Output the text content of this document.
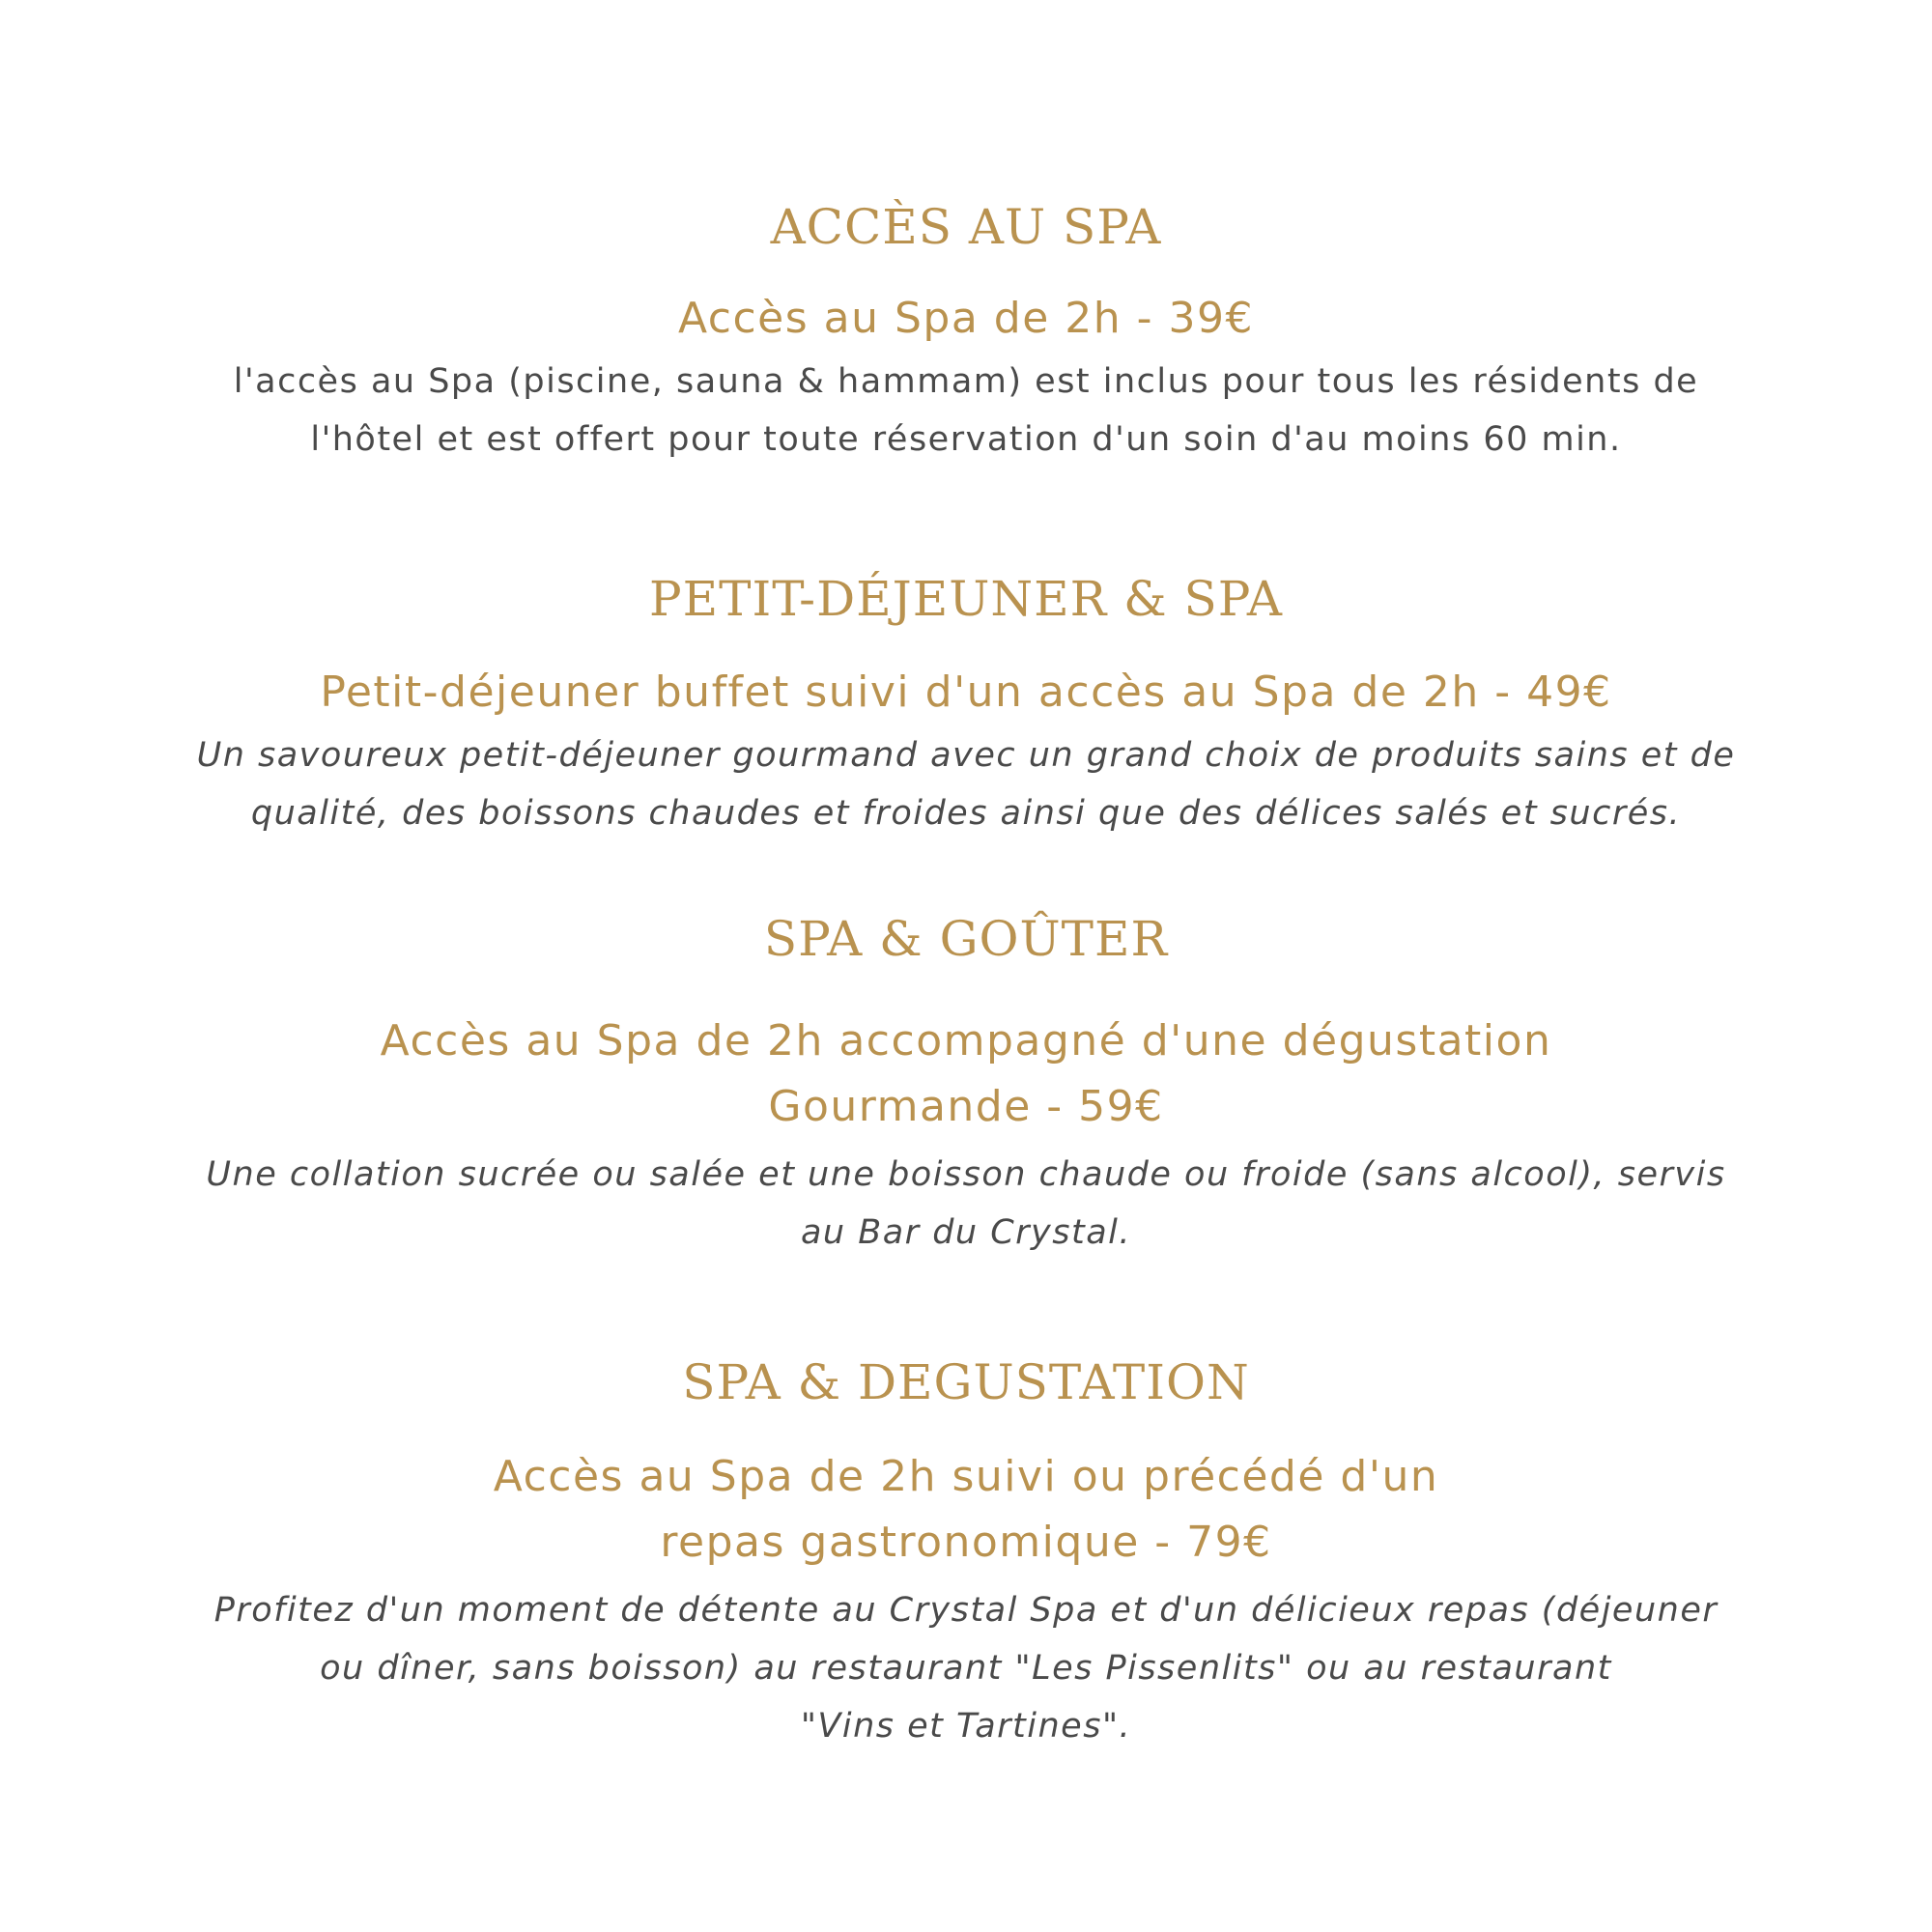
ACCÈS AU SPA
Accès au Spa de 2h - 39€
l'accès au Spa (piscine, sauna & hammam) est inclus pour tous les résidents de
l'hôtel et est offert pour toute réservation d'un soin d'au moins 60 min.
PETIT-DÉJEUNER & SPA
Petit-déjeuner buffet suivi d'un accès au Spa de 2h - 49€
Un savoureux petit-déjeuner gourmand avec un grand choix de produits sains et de
qualité, des boissons chaudes et froides ainsi que des délices salés et sucrés.
SPA & GOÛTER
Accès au Spa de 2h accompagné d'une dégustation
Gourmande - 59€
Une collation sucrée ou salée et une boisson chaude ou froide (sans alcool), servis
au Bar du Crystal.
SPA & DEGUSTATION
Accès au Spa de 2h suivi ou précédé d'un
repas gastronomique - 79€
Profitez d'un moment de détente au Crystal Spa et d'un délicieux repas (déjeuner
ou dîner, sans boisson) au restaurant "Les Pissenlits" ou au restaurant
"Vins et Tartines".
